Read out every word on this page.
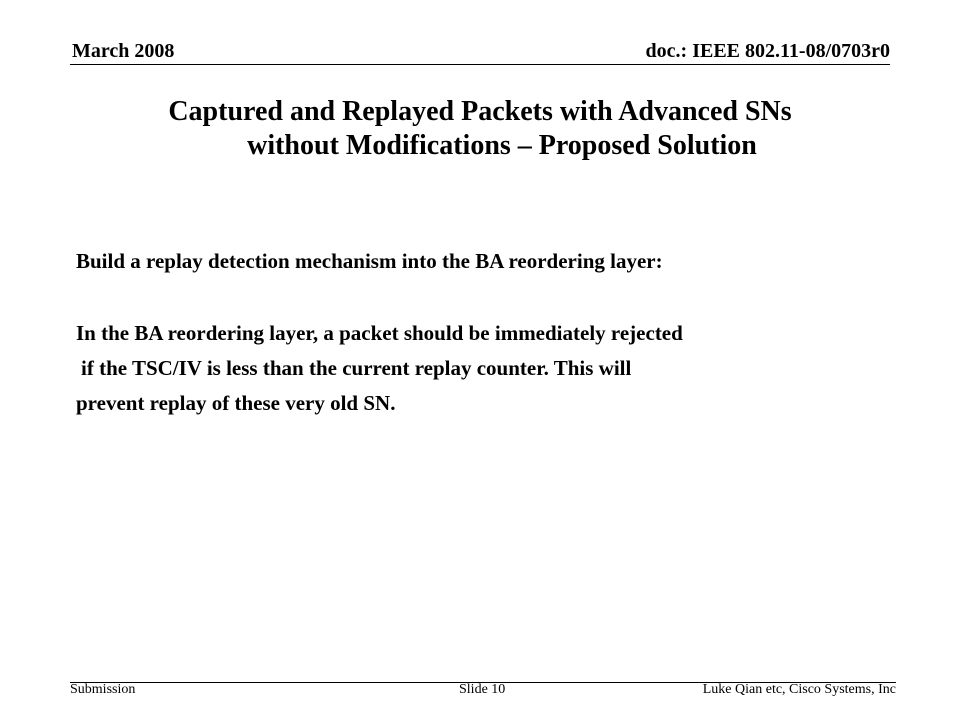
March 2008	doc.: IEEE 802.11-08/0703r0
Captured and Replayed Packets with Advanced SNs
without Modifications – Proposed Solution

Build a replay detection mechanism into the BA reordering layer:

In the BA reordering layer, a packet should be immediately rejected

if the TSC/IV is less than the current replay counter. This will

prevent replay of these very old SN.

Submission	Slide 10	Luke Qian etc, Cisco Systems, Inc
